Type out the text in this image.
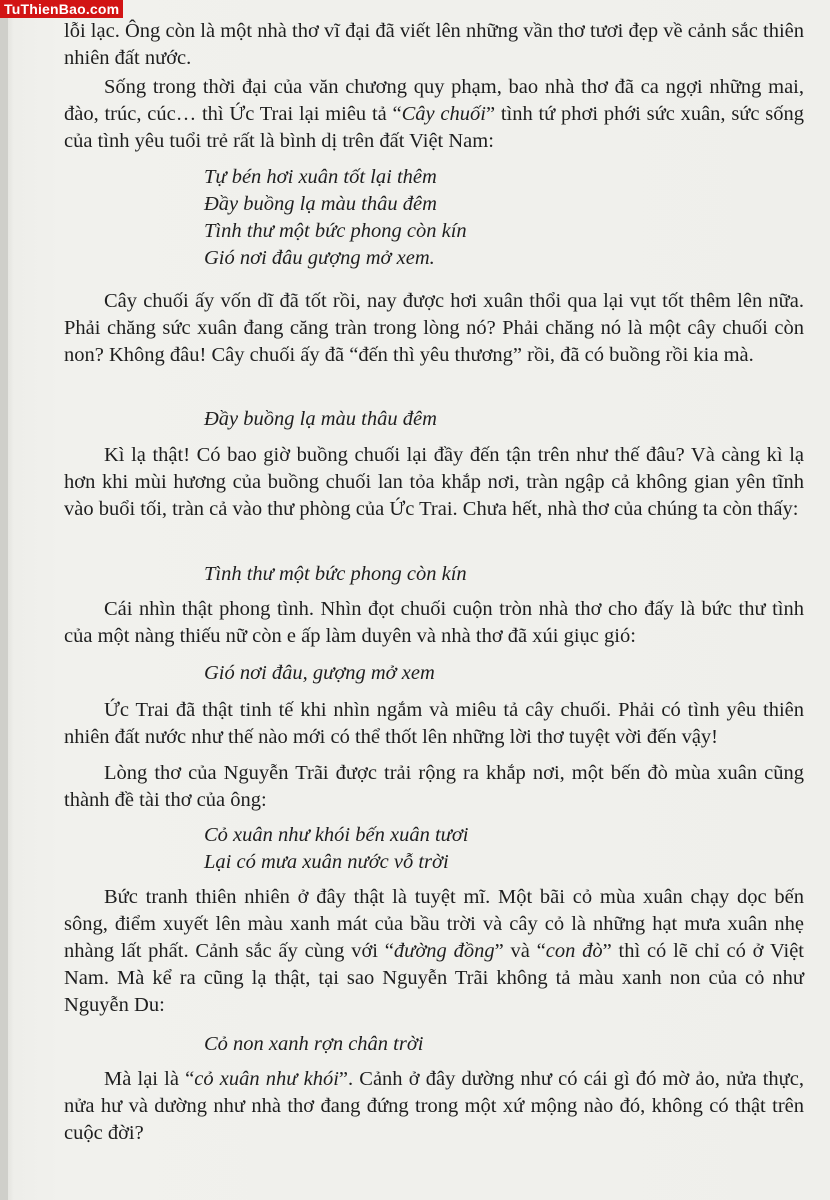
TuThienBao.com

lỗi lạc. Ông còn là một nhà thơ vĩ đại đã viết lên những vần thơ tươi đẹp về cảnh sắc thiên nhiên đất nước.

Sống trong thời đại của văn chương quy phạm, bao nhà thơ đã ca ngợi những mai, đào, trúc, cúc… thì Ức Trai lại miêu tả “Cây chuối” tình tứ phơi phới sức xuân, sức sống của tình yêu tuổi trẻ rất là bình dị trên đất Việt Nam:

Tự bén hơi xuân tốt lại thêm
Đầy buồng lạ màu thâu đêm
Tình thư một bức phong còn kín
Gió nơi đâu gượng mở xem.

Cây chuối ấy vốn dĩ đã tốt rồi, nay được hơi xuân thổi qua lại vụt tốt thêm lên nữa. Phải chăng sức xuân đang căng tràn trong lòng nó? Phải chăng nó là một cây chuối còn non? Không đâu! Cây chuối ấy đã “đến thì yêu thương” rồi, đã có buồng rồi kia mà.

Đầy buồng lạ màu thâu đêm

Kì lạ thật! Có bao giờ buồng chuối lại đầy đến tận trên như thế đâu? Và càng kì lạ hơn khi mùi hương của buồng chuối lan tỏa khắp nơi, tràn ngập cả không gian yên tĩnh vào buổi tối, tràn cả vào thư phòng của Ức Trai. Chưa hết, nhà thơ của chúng ta còn thấy:

Tình thư một bức phong còn kín

Cái nhìn thật phong tình. Nhìn đọt chuối cuộn tròn nhà thơ cho đấy là bức thư tình của một nàng thiếu nữ còn e ấp làm duyên và nhà thơ đã xúi giục gió:

Gió nơi đâu, gượng mở xem

Ức Trai đã thật tinh tế khi nhìn ngắm và miêu tả cây chuối. Phải có tình yêu thiên nhiên đất nước như thế nào mới có thể thốt lên những lời thơ tuyệt vời đến vậy!

Lòng thơ của Nguyễn Trãi được trải rộng ra khắp nơi, một bến đò mùa xuân cũng thành đề tài thơ của ông:

Cỏ xuân như khói bến xuân tươi
Lại có mưa xuân nước vỗ trời

Bức tranh thiên nhiên ở đây thật là tuyệt mĩ. Một bãi cỏ mùa xuân chạy dọc bến sông, điểm xuyết lên màu xanh mát của bầu trời và cây cỏ là những hạt mưa xuân nhẹ nhàng lất phất. Cảnh sắc ấy cùng với “đường đồng” và “con đò” thì có lẽ chỉ có ở Việt Nam. Mà kể ra cũng lạ thật, tại sao Nguyễn Trãi không tả màu xanh non của cỏ như Nguyễn Du:

Cỏ non xanh rợn chân trời

Mà lại là “cỏ xuân như khói”. Cảnh ở đây dường như có cái gì đó mờ ảo, nửa thực, nửa hư và dường như nhà thơ đang đứng trong một xứ mộng nào đó, không có thật trên cuộc đời?
